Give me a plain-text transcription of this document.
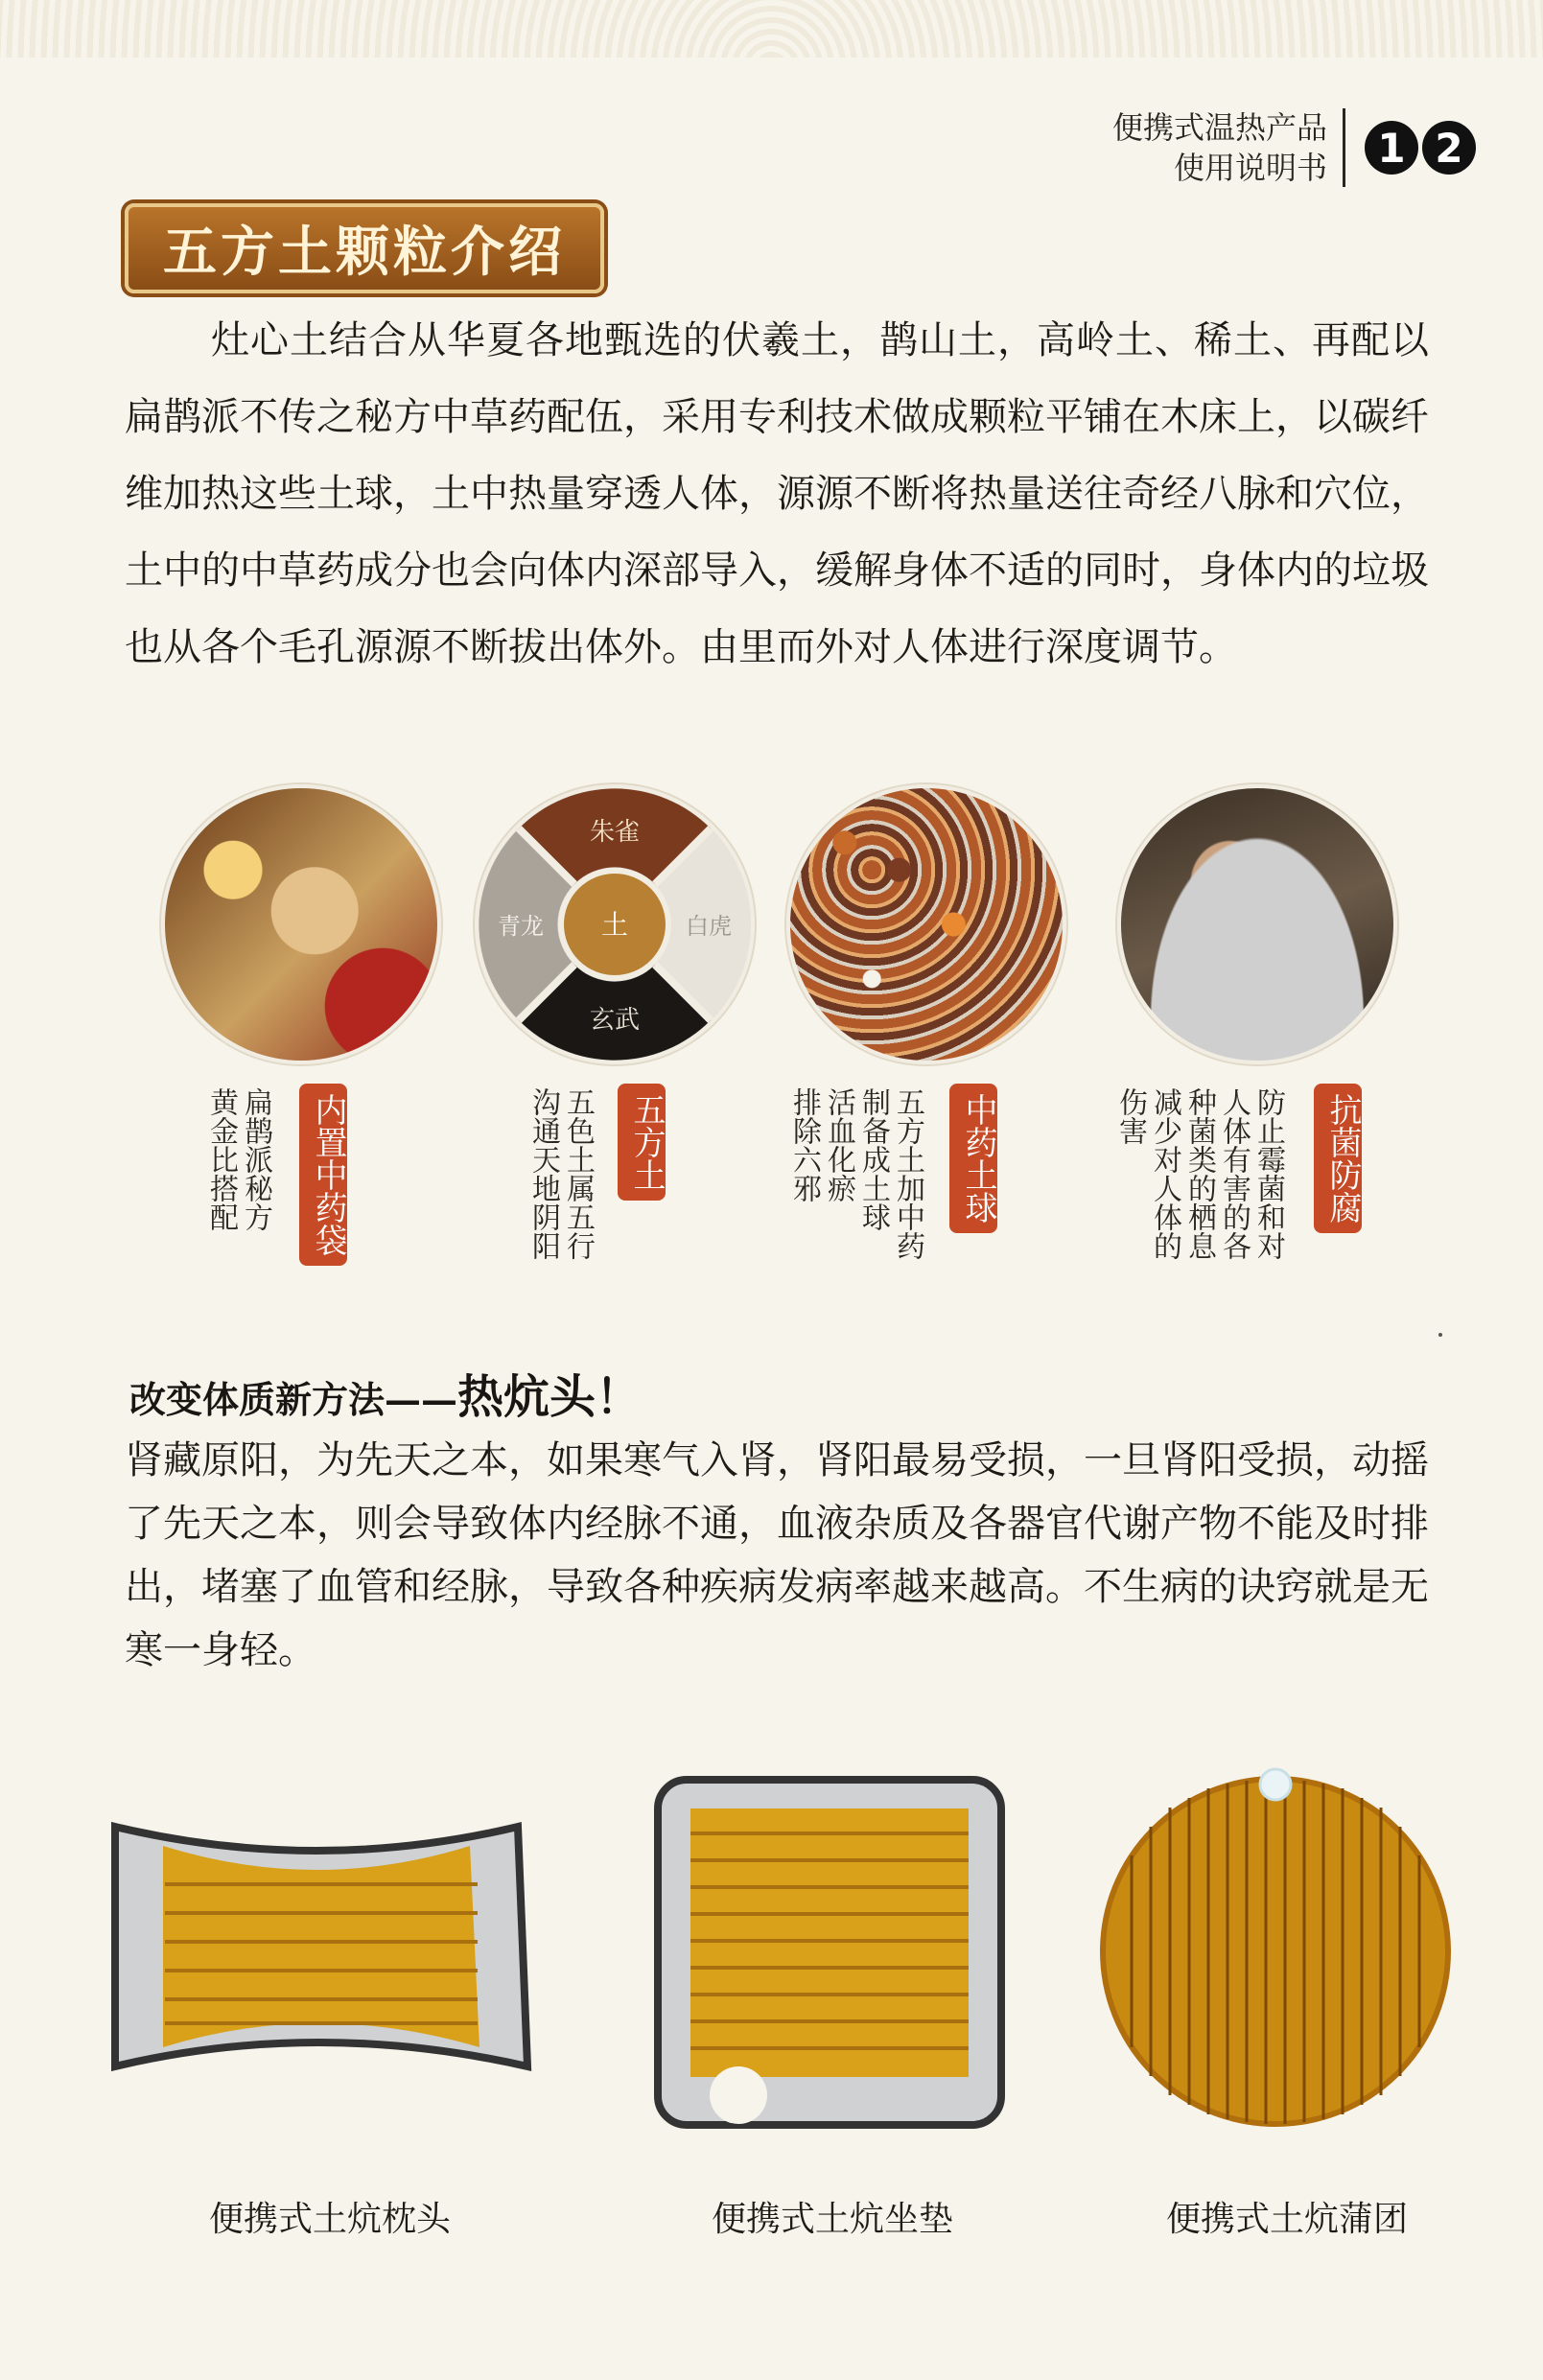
便携式温热产品
使用说明书	1 2
五方土颗粒介绍
灶心土结合从华夏各地甄选的伏羲土，鹊山土，高岭土、稀土、再配以扁鹊派不传之秘方中草药配伍，采用专利技术做成颗粒平铺在木床上，以碳纤维加热这些土球，土中热量穿透人体，源源不断将热量送往奇经八脉和穴位，土中的中草药成分也会向体内深部导入，缓解身体不适的同时，身体内的垃圾也从各个毛孔源源不断拔出体外。由里而外对人体进行深度调节。
朱雀
土
青龙	白虎
玄武
内置中药袋
扁鹊派秘方
黄金比搭配	五方土
五色土属五行
沟通天地阴阳	中药土球
五方土加中药
制备成土球
活血化瘀
排除六邪	抗菌防腐
防止霉菌和对
人体有害的各
种菌类的栖息
减少对人体的
伤害
改变体质新方法——热炕头！
肾藏原阳，为先天之本，如果寒气入肾，肾阳最易受损，一旦肾阳受损，动摇了先天之本，则会导致体内经脉不通，血液杂质及各器官代谢产物不能及时排出，堵塞了血管和经脉，导致各种疾病发病率越来越高。不生病的诀窍就是无寒一身轻。
便携式土炕枕头	便携式土炕坐垫	便携式土炕蒲团
